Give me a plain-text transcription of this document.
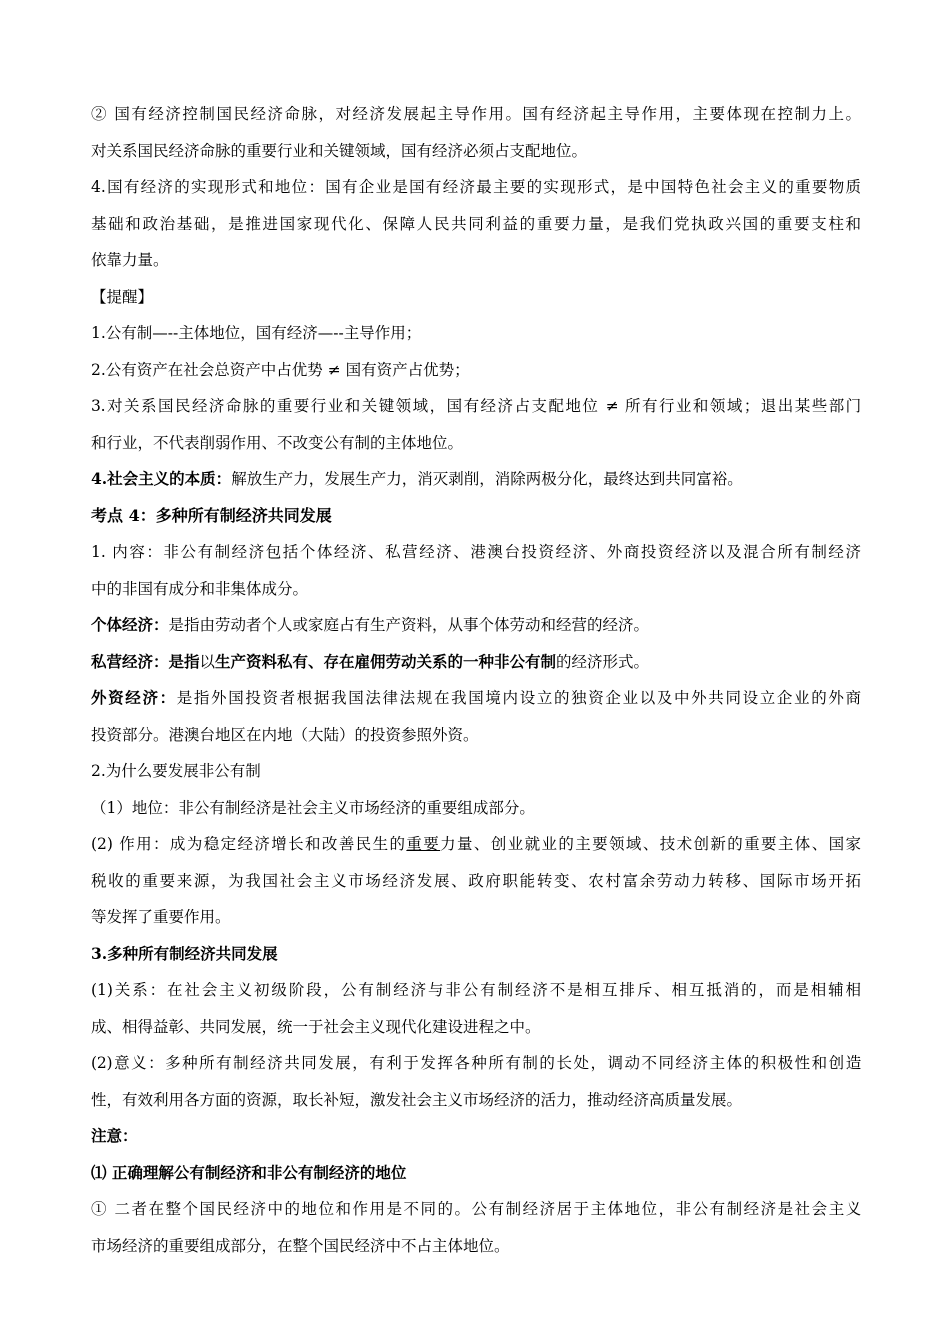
② 国有经济控制国民经济命脉，对经济发展起主导作用。国有经济起主导作用，主要体现在控制力上。
对关系国民经济命脉的重要行业和关键领域，国有经济必须占支配地位。
4.国有经济的实现形式和地位：国有企业是国有经济最主要的实现形式，是中国特色社会主义的重要物质
基础和政治基础，是推进国家现代化、保障人民共同利益的重要力量，是我们党执政兴国的重要支柱和
依靠力量。
【提醒】
1.公有制—--主体地位，国有经济—--主导作用；
2.公有资产在社会总资产中占优势 ≠ 国有资产占优势；
3.对关系国民经济命脉的重要行业和关键领域，国有经济占支配地位 ≠ 所有行业和领域；退出某些部门
和行业，不代表削弱作用、不改变公有制的主体地位。
4.社会主义的本质：解放生产力，发展生产力，消灭剥削，消除两极分化，最终达到共同富裕。
考点 4：多种所有制经济共同发展
1. 内容：非公有制经济包括个体经济、私营经济、港澳台投资经济、外商投资经济以及混合所有制经济
中的非国有成分和非集体成分。
个体经济：是指由劳动者个人或家庭占有生产资料，从事个体劳动和经营的经济。
私营经济：是指以生产资料私有、存在雇佣劳动关系的一种非公有制的经济形式。
外资经济：是指外国投资者根据我国法律法规在我国境内设立的独资企业以及中外共同设立企业的外商
投资部分。港澳台地区在内地（大陆）的投资参照外资。
2.为什么要发展非公有制
（1）地位：非公有制经济是社会主义市场经济的重要组成部分。
(2) 作用：成为稳定经济增长和改善民生的重要力量、创业就业的主要领域、技术创新的重要主体、国家
税收的重要来源，为我国社会主义市场经济发展、政府职能转变、农村富余劳动力转移、国际市场开拓
等发挥了重要作用。
3.多种所有制经济共同发展
(1)关系：在社会主义初级阶段，公有制经济与非公有制经济不是相互排斥、相互抵消的，而是相辅相
成、相得益彰、共同发展，统一于社会主义现代化建设进程之中。
(2)意义：多种所有制经济共同发展，有利于发挥各种所有制的长处，调动不同经济主体的积极性和创造
性，有效利用各方面的资源，取长补短，激发社会主义市场经济的活力，推动经济高质量发展。
注意：
⑴ 正确理解公有制经济和非公有制经济的地位
① 二者在整个国民经济中的地位和作用是不同的。公有制经济居于主体地位，非公有制经济是社会主义
市场经济的重要组成部分，在整个国民经济中不占主体地位。
